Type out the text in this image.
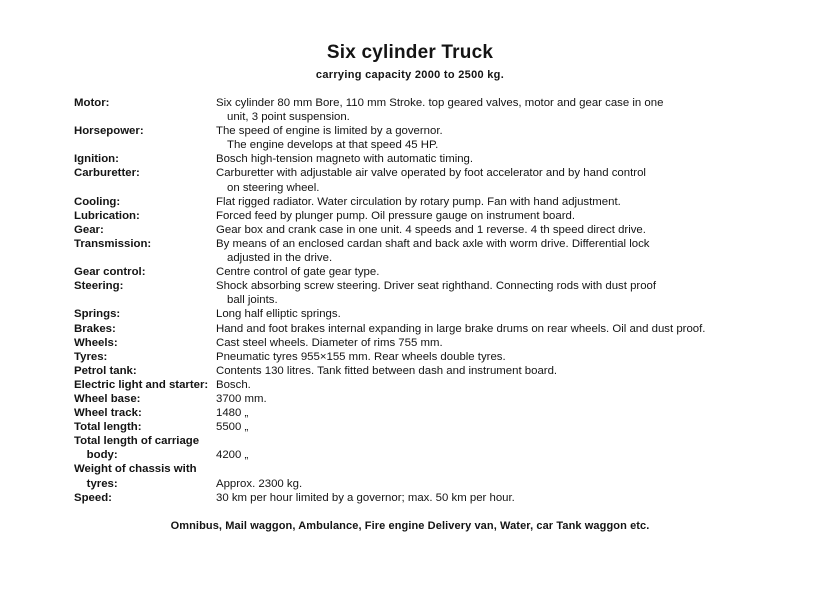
Six cylinder Truck
carrying capacity 2000 to 2500 kg.
Motor:	Six cylinder 80 mm Bore, 110 mm Stroke. top geared valves, motor and gear case in one
unit, 3 point suspension.
Horsepower:	The speed of engine is limited by a governor.
The engine develops at that speed 45 HP.
Ignition:	Bosch high-tension magneto with automatic timing.
Carburetter:	Carburetter with adjustable air valve operated by foot accelerator and by hand control
on steering wheel.
Cooling:	Flat rigged radiator. Water circulation by rotary pump. Fan with hand adjustment.
Lubrication:	Forced feed by plunger pump. Oil pressure gauge on instrument board.
Gear:	Gear box and crank case in one unit. 4 speeds and 1 reverse. 4 th speed direct drive.
Transmission:	By means of an enclosed cardan shaft and back axle with worm drive. Differential lock
adjusted in the drive.
Gear control:	Centre control of gate gear type.
Steering:	Shock absorbing screw steering. Driver seat righthand. Connecting rods with dust proof
ball joints.
Springs:	Long half elliptic springs.
Brakes:	Hand and foot brakes internal expanding in large brake drums on rear wheels. Oil and dust proof.
Wheels:	Cast steel wheels. Diameter of rims 755 mm.
Tyres:	Pneumatic tyres 955×155 mm. Rear wheels double tyres.
Petrol tank:	Contents 130 litres. Tank fitted between dash and instrument board.
Electric light and starter: Bosch.
Wheel base:	3700 mm.
Wheel track:	1480 „
Total length:	5500 „
Total length of carriage
body:	4200 „
Weight of chassis with
tyres:	Approx. 2300 kg.
Speed:	30 km per hour limited by a governor; max. 50 km per hour.
Omnibus, Mail waggon, Ambulance, Fire engine Delivery van, Water, car Tank waggon etc.
